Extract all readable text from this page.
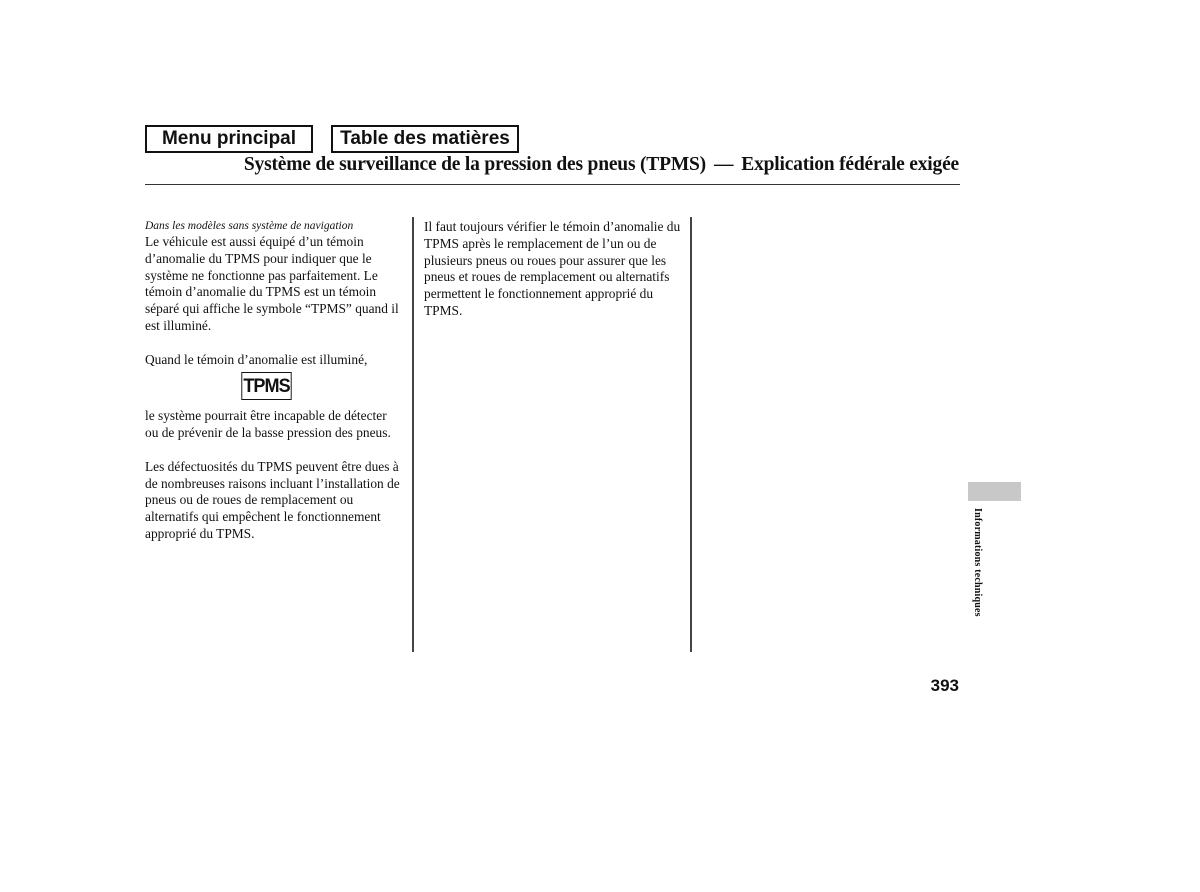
Menu principal	Table des matières
Système de surveillance de la pression des pneus (TPMS) — Explication fédérale exigée

Dans les modèles sans système de navigation

Le véhicule est aussi équipé d’un témoin d’anomalie du TPMS pour indiquer que le système ne fonctionne pas parfaitement. Le témoin d’anomalie du TPMS est un témoin séparé qui affiche le symbole “TPMS” quand il est illuminé.

Quand le témoin d’anomalie est illuminé,

TPMS

le système pourrait être incapable de détecter ou de prévenir de la basse pression des pneus.

Les défectuosités du TPMS peuvent être dues à de nombreuses raisons incluant l’installation de pneus ou de roues de remplacement ou alternatifs qui empêchent le fonctionnement approprié du TPMS.

Il faut toujours vérifier le témoin d’anomalie du TPMS après le remplacement de l’un ou de plusieurs pneus ou roues pour assurer que les pneus et roues de remplacement ou alternatifs permettent le fonctionnement approprié du TPMS.

Informations techniques
393
